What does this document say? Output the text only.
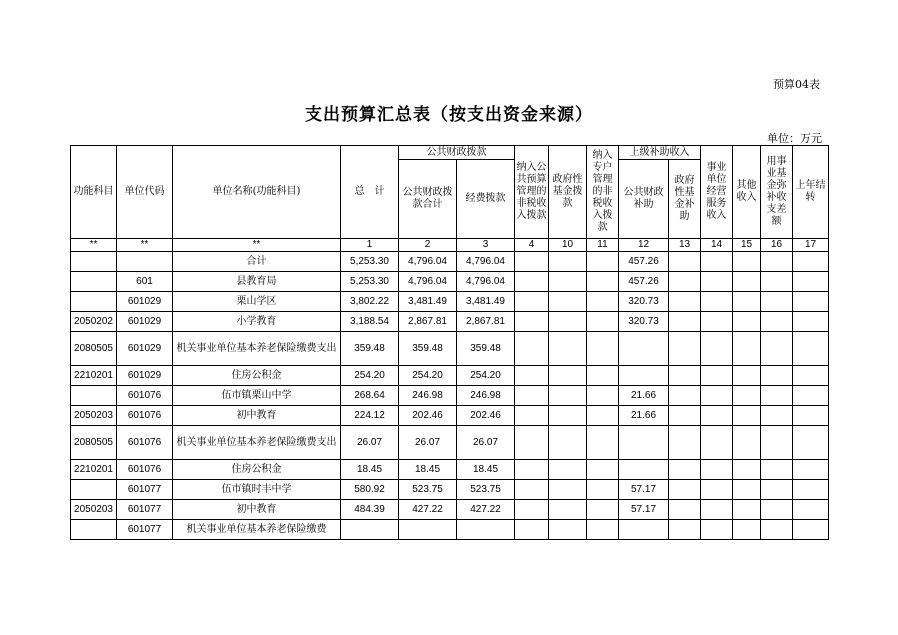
预算04表
支出预算汇总表（按支出资金来源）
单位：万元
功能科目	单位代码	单位名称(功能科目)	总　计	公共财政拨款		纳入公共预算管理的非税收入拨款	政府性基金拨款	纳入专户管理的非税收入拨款	上级补助收入		事业单位经营服务收入	其他收入	用事业基金弥补收支差额	上年结转
				公共财政拨款合计	经费拨款				公共财政补助	政府性基金补助				
**	**	**	1	2	3	4	10	11	12	13	14	15	16	17
		合计	5,253.30	4,796.04	4,796.04				457.26					
	601	县教育局	5,253.30	4,796.04	4,796.04				457.26					
	601029	栗山学区	3,802.22	3,481.49	3,481.49				320.73					
2050202	601029	小学教育	3,188.54	2,867.81	2,867.81				320.73					
2080505	601029	机关事业单位基本养老保险缴费支出	359.48	359.48	359.48									
2210201	601029	住房公积金	254.20	254.20	254.20									
	601076	伍市镇栗山中学	268.64	246.98	246.98				21.66					
2050203	601076	初中教育	224.12	202.46	202.46				21.66					
2080505	601076	机关事业单位基本养老保险缴费支出	26.07	26.07	26.07									
2210201	601076	住房公积金	18.45	18.45	18.45									
	601077	伍市镇时丰中学	580.92	523.75	523.75				57.17					
2050203	601077	初中教育	484.39	427.22	427.22				57.17					
	601077	机关事业单位基本养老保险缴费												
